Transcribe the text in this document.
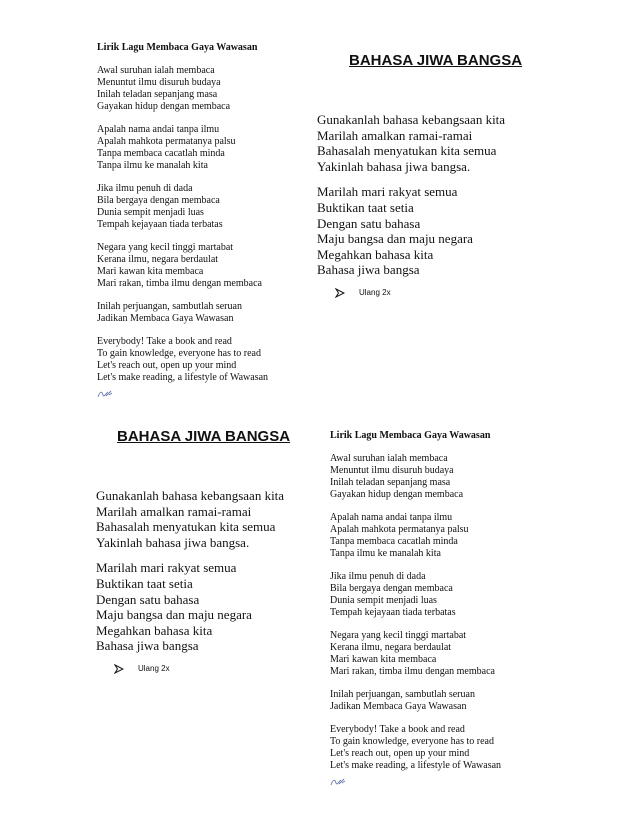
Lirik Lagu Membaca Gaya Wawasan
Awal suruhan ialah membaca
Menuntut ilmu disuruh budaya
Inilah teladan sepanjang masa
Gayakan hidup dengan membaca
Apalah nama andai tanpa ilmu
Apalah mahkota permatanya palsu
Tanpa membaca cacatlah minda
Tanpa ilmu ke manalah kita
Jika ilmu penuh di dada
Bila bergaya dengan membaca
Dunia sempit menjadi luas
Tempah kejayaan tiada terbatas
Negara yang kecil tinggi martabat
Kerana ilmu, negara berdaulat
Mari kawan kita membaca
Mari rakan, timba ilmu dengan membaca
Inilah perjuangan, sambutlah seruan
Jadikan Membaca Gaya Wawasan
Everybody! Take a book and read
To gain knowledge, everyone has to read
Let's reach out, open up your mind
Let's make reading, a lifestyle of Wawasan
BAHASA JIWA BANGSA
Gunakanlah bahasa kebangsaan kita
Marilah amalkan ramai-ramai
Bahasalah menyatukan kita semua
Yakinlah bahasa jiwa bangsa.
Marilah mari rakyat semua
Buktikan taat setia
Dengan satu bahasa
Maju bangsa dan maju negara
Megahkan bahasa kita
Bahasa jiwa bangsa
Ulang 2x
BAHASA JIWA BANGSA
Gunakanlah bahasa kebangsaan kita
Marilah amalkan ramai-ramai
Bahasalah menyatukan kita semua
Yakinlah bahasa jiwa bangsa.
Marilah mari rakyat semua
Buktikan taat setia
Dengan satu bahasa
Maju bangsa dan maju negara
Megahkan bahasa kita
Bahasa jiwa bangsa
Ulang 2x
Lirik Lagu Membaca Gaya Wawasan
Awal suruhan ialah membaca
Menuntut ilmu disuruh budaya
Inilah teladan sepanjang masa
Gayakan hidup dengan membaca
Apalah nama andai tanpa ilmu
Apalah mahkota permatanya palsu
Tanpa membaca cacatlah minda
Tanpa ilmu ke manalah kita
Jika ilmu penuh di dada
Bila bergaya dengan membaca
Dunia sempit menjadi luas
Tempah kejayaan tiada terbatas
Negara yang kecil tinggi martabat
Kerana ilmu, negara berdaulat
Mari kawan kita membaca
Mari rakan, timba ilmu dengan membaca
Inilah perjuangan, sambutlah seruan
Jadikan Membaca Gaya Wawasan
Everybody! Take a book and read
To gain knowledge, everyone has to read
Let's reach out, open up your mind
Let's make reading, a lifestyle of Wawasan
